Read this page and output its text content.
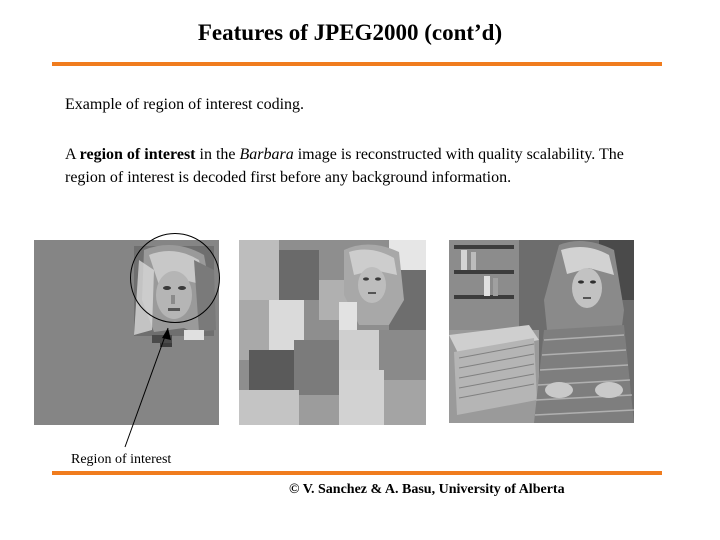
Features of JPEG2000 (cont’d)
Example of region of interest coding.
A region of interest in the Barbara image is reconstructed with quality scalability. The region of interest is decoded first before any background information.
Region of interest
© V. Sanchez & A. Basu, University of Alberta
